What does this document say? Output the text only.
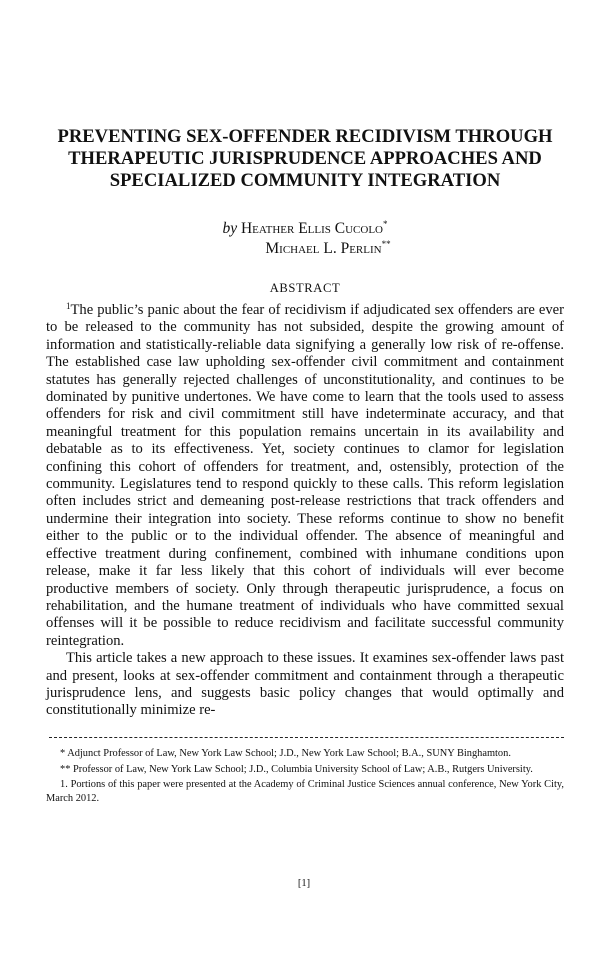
PREVENTING SEX-OFFENDER RECIDIVISM THROUGH
THERAPEUTIC JURISPRUDENCE APPROACHES AND
SPECIALIZED COMMUNITY INTEGRATION
by Heather Ellis Cucolo*
Michael L. Perlin**
ABSTRACT

$^1$The public’s panic about the fear of recidivism if adjudicated sex offenders are ever to be released to the community has not subsided, despite the growing amount of information and statistically-reliable data signifying a generally low risk of re-offense. The established case law upholding sex-offender civil commitment and containment statutes has generally rejected challenges of unconstitutionality, and continues to be dominated by punitive undertones. We have come to learn that the tools used to assess offenders for risk and civil commitment still have indeterminate accuracy, and that meaningful treatment for this population remains uncertain in its availability and debatable as to its effectiveness. Yet, society continues to clamor for legislation confining this cohort of offenders for treatment, and, ostensibly, protection of the community. Legislatures tend to respond quickly to these calls. This reform legislation often includes strict and demeaning post-release restrictions that track offenders and undermine their integration into society. These reforms continue to show no benefit either to the public or to the individual offender. The absence of meaningful and effective treatment during confinement, combined with inhumane conditions upon release, make it far less likely that this cohort of individuals will ever become productive members of society. Only through therapeutic jurisprudence, a focus on rehabilitation, and the humane treatment of individuals who have committed sexual offenses will it be possible to reduce recidivism and facilitate successful community reintegration.

This article takes a new approach to these issues. It examines sex-offender laws past and present, looks at sex-offender commitment and containment through a therapeutic jurisprudence lens, and suggests basic policy changes that would optimally and constitutionally minimize re-

* Adjunct Professor of Law, New York Law School; J.D., New York Law School; B.A., SUNY Binghamton.

** Professor of Law, New York Law School; J.D., Columbia University School of Law; A.B., Rutgers University.

1. Portions of this paper were presented at the Academy of Criminal Justice Sciences annual conference, New York City, March 2012.

[1]
